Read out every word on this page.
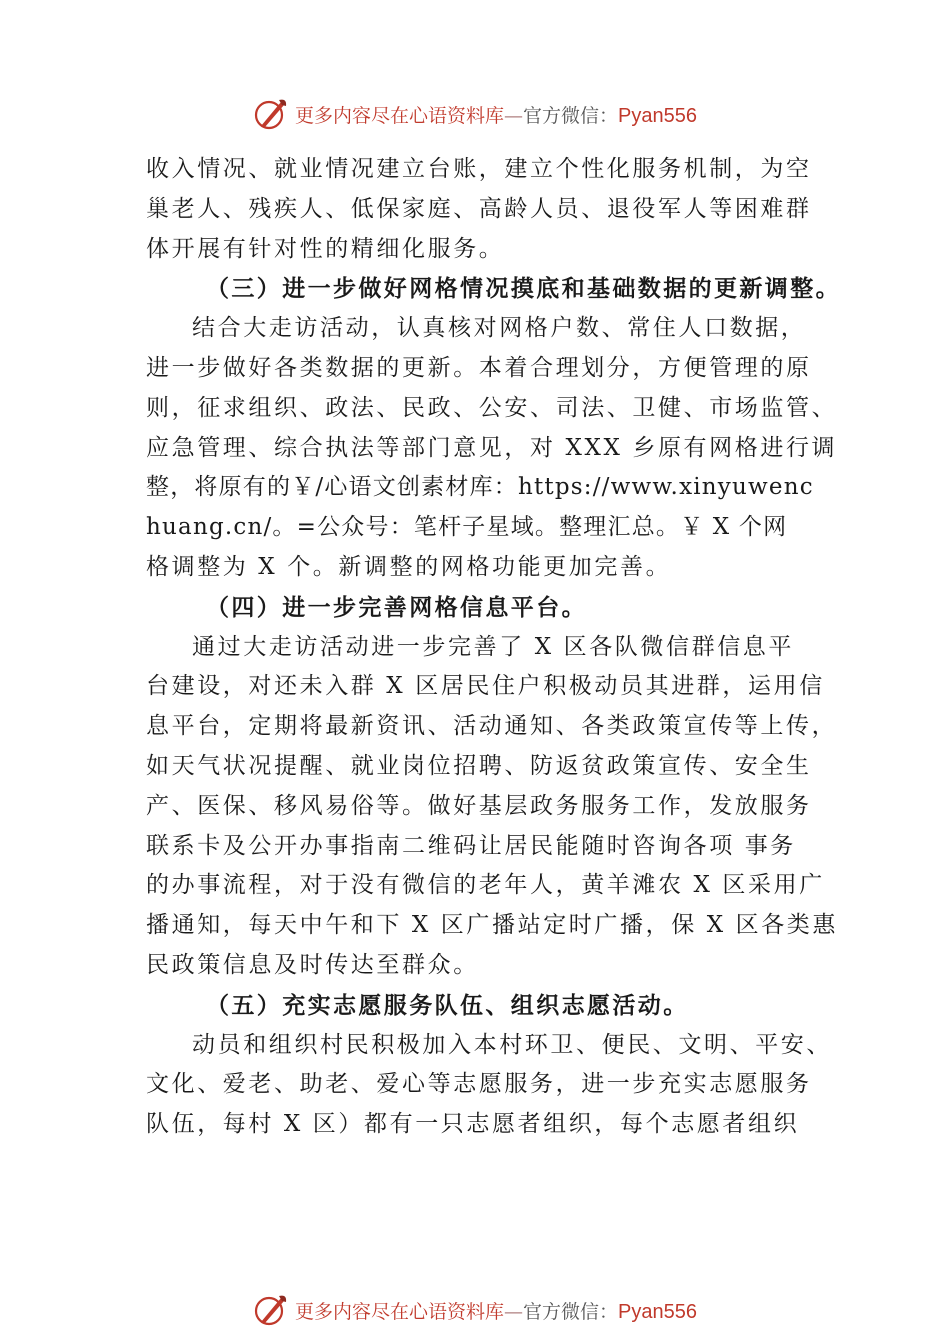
更多内容尽在心语资料库—官方微信：Pyan556

收入情况、就业情况建立台账，建立个性化服务机制，为空

巢老人、残疾人、低保家庭、高龄人员、退役军人等困难群

体开展有针对性的精细化服务。

（三）进一步做好网格情况摸底和基础数据的更新调整。

结合大走访活动，认真核对网格户数、常住人口数据，

进一步做好各类数据的更新。本着合理划分，方便管理的原

则，征求组织、政法、民政、公安、司法、卫健、市场监管、

应急管理、综合执法等部门意见，对 XXX 乡原有网格进行调

整，将原有的￥/心语文创素材库：https://www.xinyuwenc

huang.cn/。=公众号：笔杆子星域。整理汇总。￥ X 个网

格调整为 X 个。新调整的网格功能更加完善。

（四）进一步完善网格信息平台。

通过大走访活动进一步完善了 X 区各队微信群信息平

台建设，对还未入群 X 区居民住户积极动员其进群，运用信

息平台，定期将最新资讯、活动通知、各类政策宣传等上传，

如天气状况提醒、就业岗位招聘、防返贫政策宣传、安全生

产、医保、移风易俗等。做好基层政务服务工作，发放服务

联系卡及公开办事指南二维码让居民能随时咨询各项 事务

的办事流程，对于没有微信的老年人，黄羊滩农 X 区采用广

播通知，每天中午和下 X 区广播站定时广播，保 X 区各类惠

民政策信息及时传达至群众。

（五）充实志愿服务队伍、组织志愿活动。

动员和组织村民积极加入本村环卫、便民、文明、平安、

文化、爱老、助老、爱心等志愿服务，进一步充实志愿服务

队伍，每村 X 区）都有一只志愿者组织，每个志愿者组织

更多内容尽在心语资料库—官方微信：Pyan556
